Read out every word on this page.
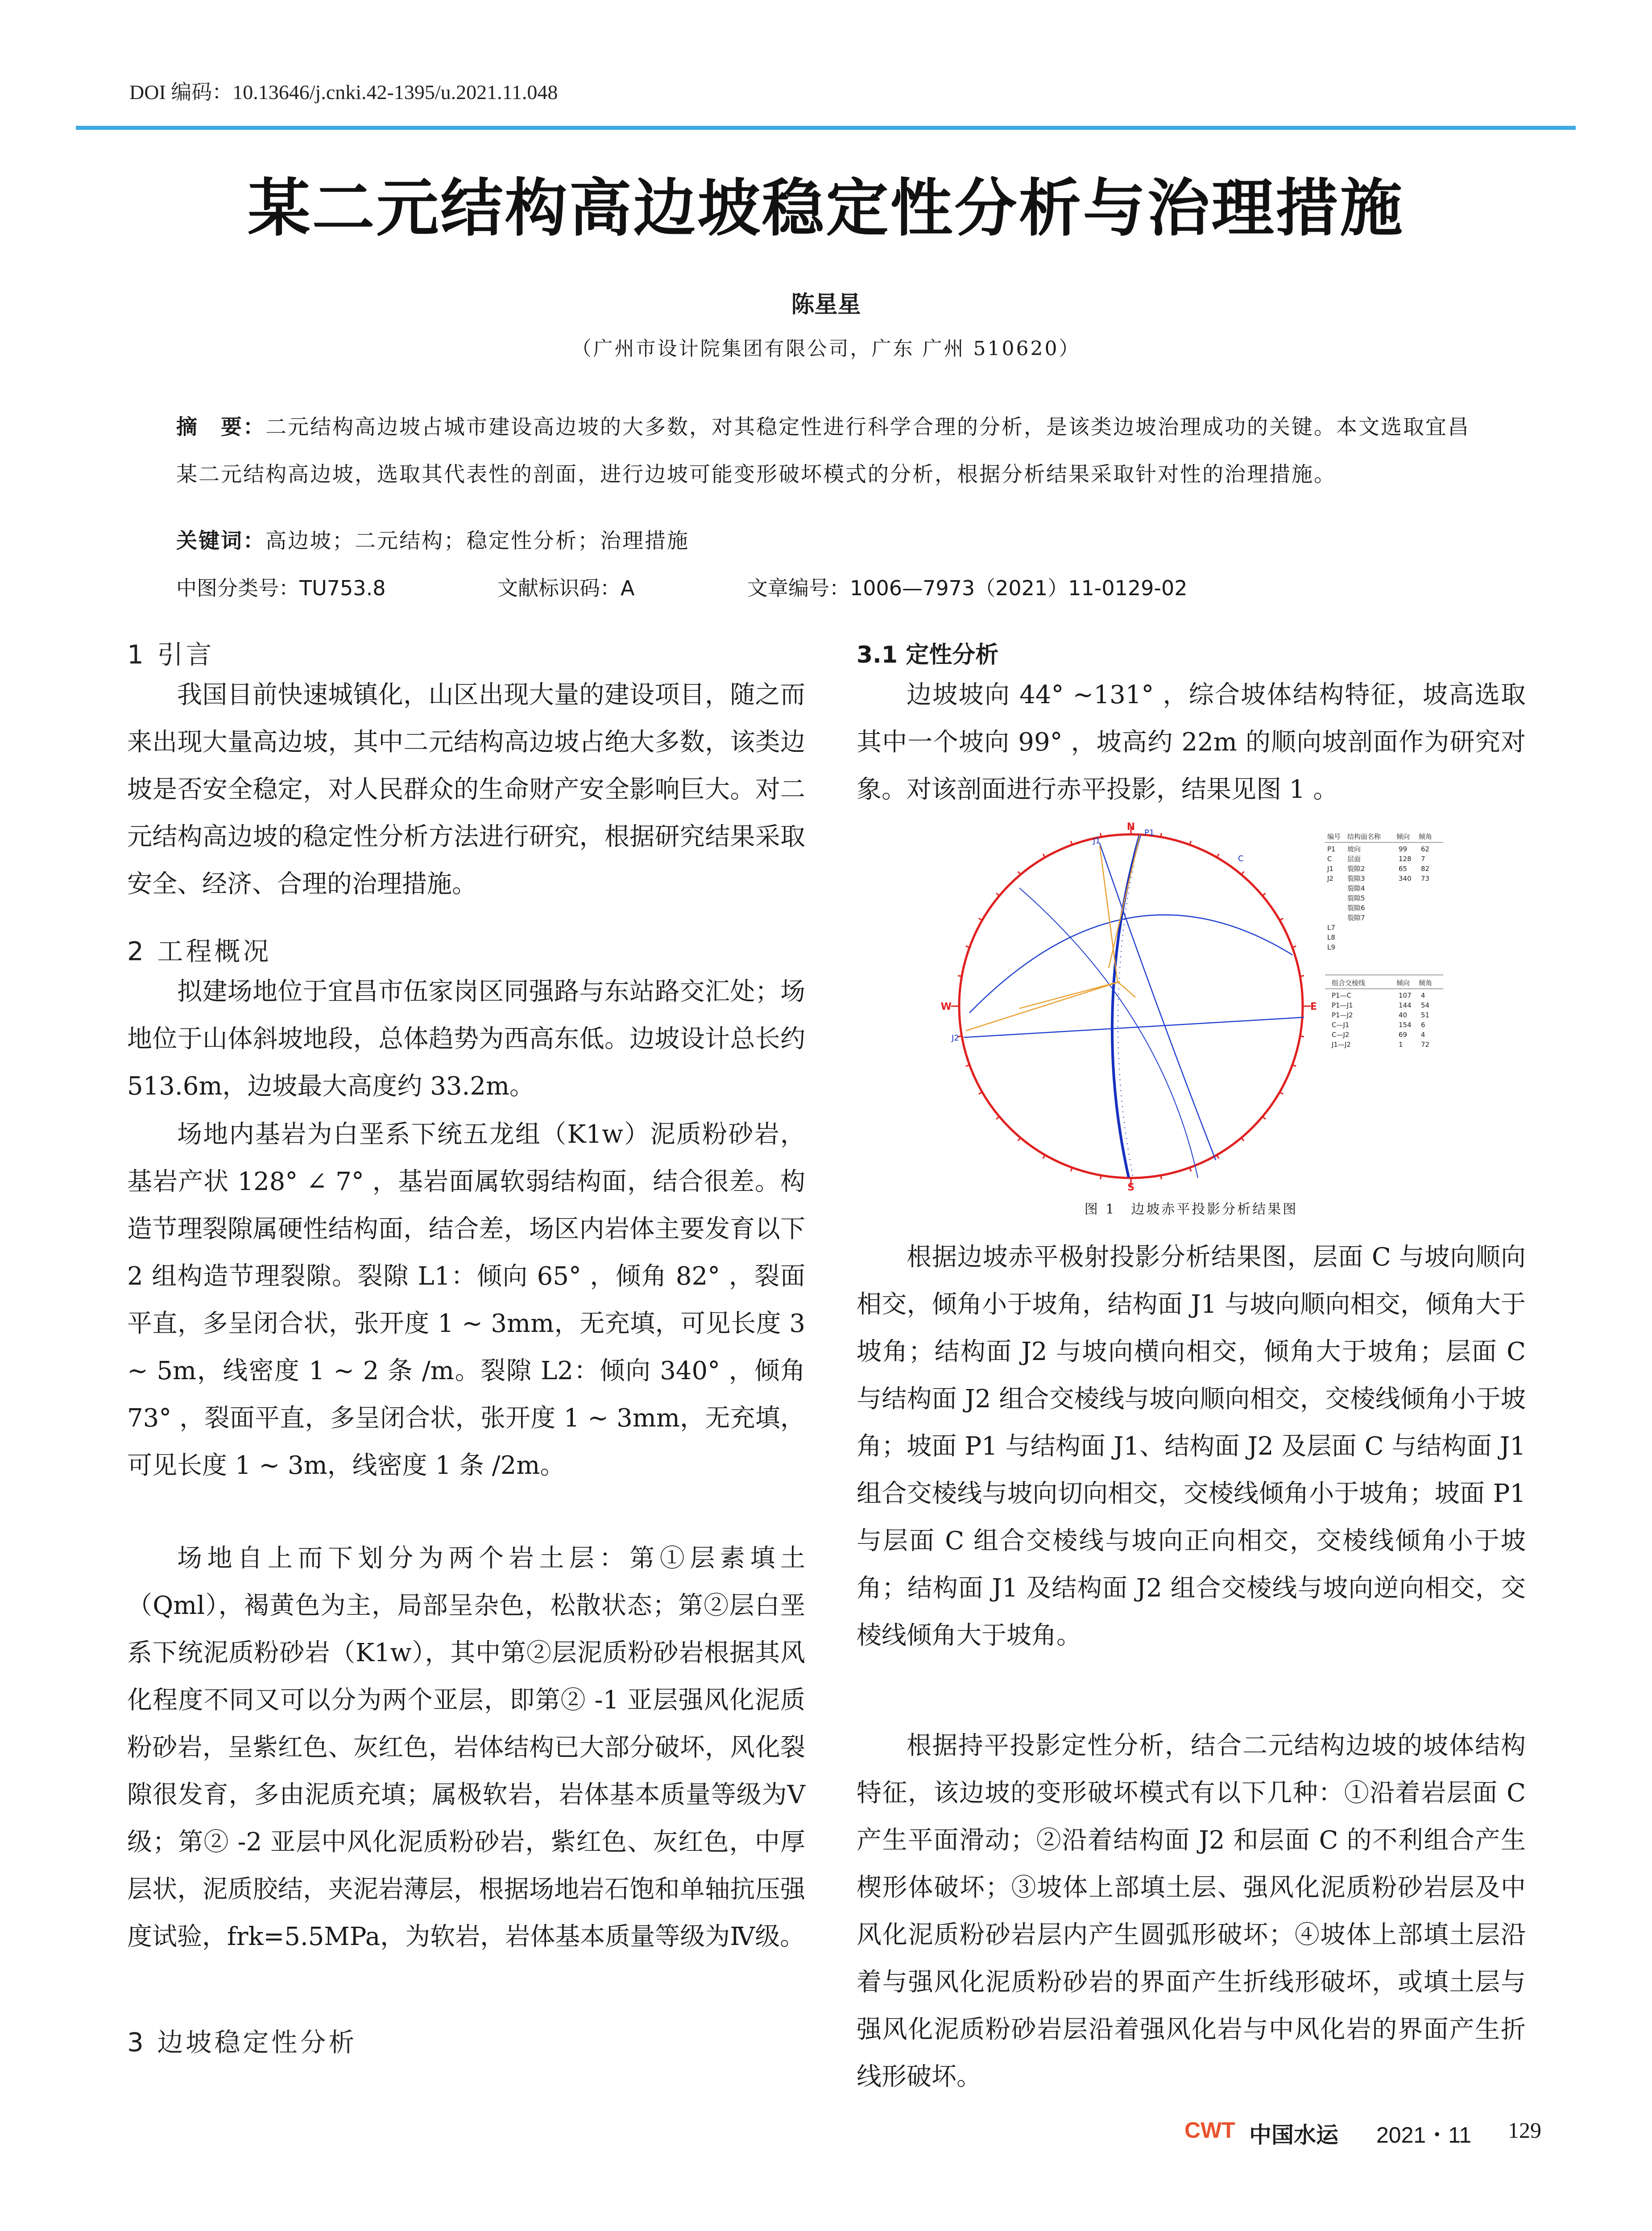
DOI 编码：10.13646/j.cnki.42-1395/u.2021.11.048
某二元结构高边坡稳定性分析与治理措施
陈星星
（广州市设计院集团有限公司，广东 广州 510620）
摘　要：二元结构高边坡占城市建设高边坡的大多数，对其稳定性进行科学合理的分析，是该类边坡治理成功的关键。本文选取宜昌某二元结构高边坡，选取其代表性的剖面，进行边坡可能变形破坏模式的分析，根据分析结果采取针对性的治理措施。
关键词：高边坡；二元结构；稳定性分析；治理措施
中图分类号：TU753.8	文献标识码：A	文章编号：1006—7973（2021）11-0129-02
1 引言

我国目前快速城镇化，山区出现大量的建设项目，随之而来出现大量高边坡，其中二元结构高边坡占绝大多数，该类边坡是否安全稳定，对人民群众的生命财产安全影响巨大。对二元结构高边坡的稳定性分析方法进行研究，根据研究结果采取安全、经济、合理的治理措施。

2 工程概况

拟建场地位于宜昌市伍家岗区同强路与东站路交汇处；场地位于山体斜坡地段，总体趋势为西高东低。边坡设计总长约 513.6m，边坡最大高度约 33.2m。

场地内基岩为白垩系下统五龙组（K1w）泥质粉砂岩，基岩产状 128° ∠ 7° ，基岩面属软弱结构面，结合很差。构造节理裂隙属硬性结构面，结合差，场区内岩体主要发育以下 2 组构造节理裂隙。裂隙 L1：倾向 65° ，倾角 82° ，裂面平直，多呈闭合状，张开度 1 ~ 3mm，无充填，可见长度 3 ~ 5m，线密度 1 ~ 2 条 /m。裂隙 L2：倾向 340° ，倾角 73° ，裂面平直，多呈闭合状，张开度 1 ~ 3mm，无充填，可见长度 1 ~ 3m，线密度 1 条 /2m。

场地自上而下划分为两个岩土层：第①层素填土（Qml），褐黄色为主，局部呈杂色，松散状态；第②层白垩系下统泥质粉砂岩（K1w），其中第②层泥质粉砂岩根据其风化程度不同又可以分为两个亚层，即第② -1 亚层强风化泥质粉砂岩，呈紫红色、灰红色，岩体结构已大部分破坏，风化裂隙很发育，多由泥质充填；属极软岩，岩体基本质量等级为Ⅴ级；第② -2 亚层中风化泥质粉砂岩，紫红色、灰红色，中厚层状，泥质胶结，夹泥岩薄层，根据场地岩石饱和单轴抗压强度试验，frk=5.5MPa，为软岩，岩体基本质量等级为Ⅳ级。

3 边坡稳定性分析
3.1 定性分析

边坡坡向 44° ~131° ，综合坡体结构特征，坡高选取其中一个坡向 99° ，坡高约 22m 的顺向坡剖面作为研究对象。对该剖面进行赤平投影，结果见图 1 。

N
S
E
W
P1
J1
C
J2
编号 结构面名称 倾向 倾角
P1 坡向	99 62
C 层面	128 7
J1 裂隙2	65 82
J2 裂隙3	340 73
裂隙4
裂隙5
裂隙6
裂隙7
L7
L8
L9
组合交棱线	倾向 倾角
P1—C	107 4
P1—J1	144 54
P1—J2	40 51
C—J1	154 6
C—J2	69 4
J1—J2	1	72
图 1　边坡赤平投影分析结果图

根据边坡赤平极射投影分析结果图，层面 C 与坡向顺向相交，倾角小于坡角，结构面 J1 与坡向顺向相交，倾角大于坡角；结构面 J2 与坡向横向相交，倾角大于坡角；层面 C 与结构面 J2 组合交棱线与坡向顺向相交，交棱线倾角小于坡角；坡面 P1 与结构面 J1、结构面 J2 及层面 C 与结构面 J1 组合交棱线与坡向切向相交，交棱线倾角小于坡角；坡面 P1 与层面 C 组合交棱线与坡向正向相交，交棱线倾角小于坡角；结构面 J1 及结构面 J2 组合交棱线与坡向逆向相交，交棱线倾角大于坡角。

根据持平投影定性分析，结合二元结构边坡的坡体结构特征，该边坡的变形破坏模式有以下几种：①沿着岩层面 C 产生平面滑动；②沿着结构面 J2 和层面 C 的不利组合产生楔形体破坏；③坡体上部填土层、强风化泥质粉砂岩层及中风化泥质粉砂岩层内产生圆弧形破坏；④坡体上部填土层沿着与强风化泥质粉砂岩的界面产生折线形破坏，或填土层与强风化泥质粉砂岩层沿着强风化岩与中风化岩的界面产生折线形破坏。

CWT 中国水运 2021・11 129
